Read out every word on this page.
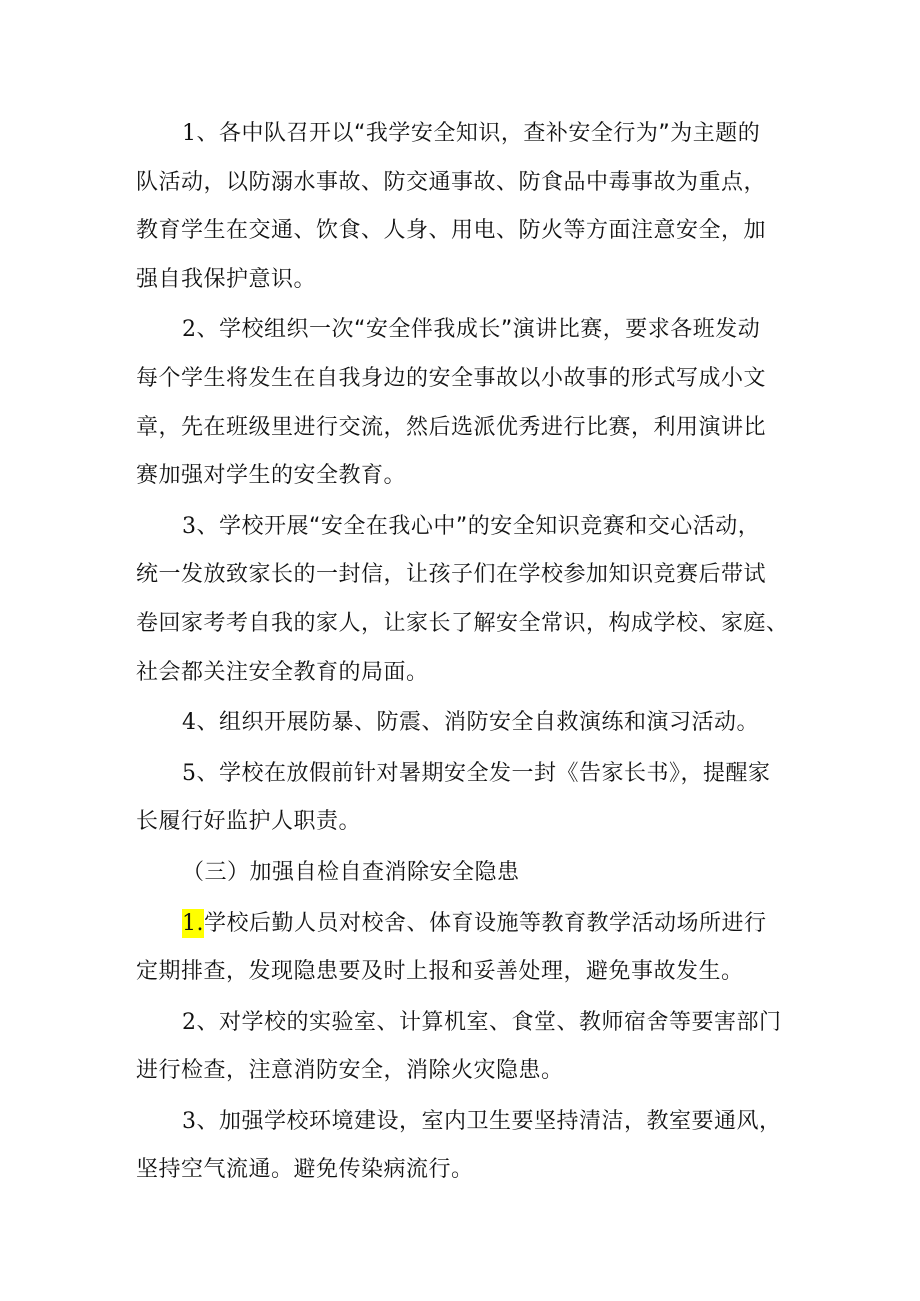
1、各中队召开以“我学安全知识，查补安全行为”为主题的
队活动，以防溺水事故、防交通事故、防食品中毒事故为重点，
教育学生在交通、饮食、人身、用电、防火等方面注意安全，加
强自我保护意识。
2、学校组织一次“安全伴我成长”演讲比赛，要求各班发动
每个学生将发生在自我身边的安全事故以小故事的形式写成小文
章，先在班级里进行交流，然后选派优秀进行比赛，利用演讲比
赛加强对学生的安全教育。
3、学校开展“安全在我心中”的安全知识竞赛和交心活动，
统一发放致家长的一封信，让孩子们在学校参加知识竞赛后带试
卷回家考考自我的家人，让家长了解安全常识，构成学校、家庭、
社会都关注安全教育的局面。
4、组织开展防暴、防震、消防安全自救演练和演习活动。
5、学校在放假前针对暑期安全发一封《告家长书》，提醒家
长履行好监护人职责。
（三）加强自检自查消除安全隐患
1.学校后勤人员对校舍、体育设施等教育教学活动场所进行
定期排查，发现隐患要及时上报和妥善处理，避免事故发生。
2、对学校的实验室、计算机室、食堂、教师宿舍等要害部门
进行检查，注意消防安全，消除火灾隐患。
3、加强学校环境建设，室内卫生要坚持清洁，教室要通风，
坚持空气流通。避免传染病流行。
